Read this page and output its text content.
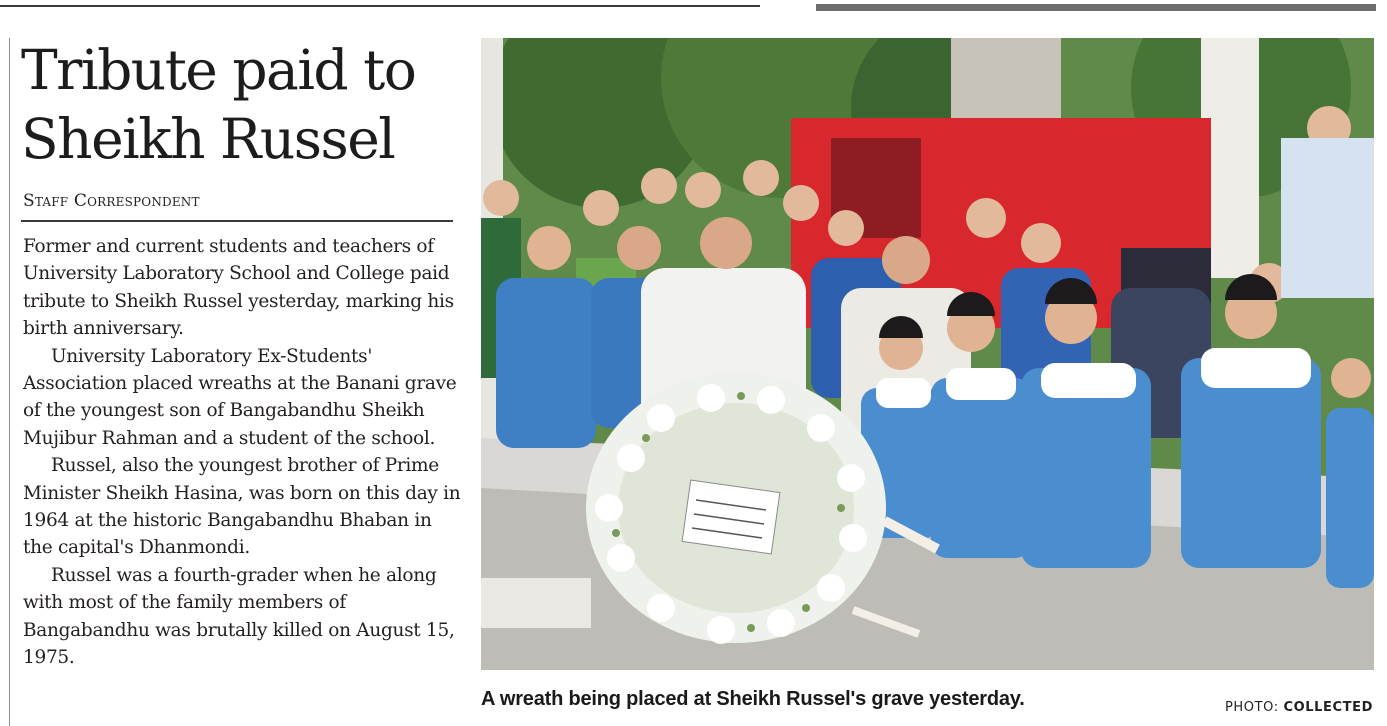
Tribute paid to
Sheikh Russel
Staff Correspondent

Former and current students and teachers of University Laboratory School and College paid tribute to Sheikh Russel yesterday, marking his birth anniversary.

University Laboratory Ex-Students' Association placed wreaths at the Banani grave of the youngest son of Bangabandhu Sheikh Mujibur Rahman and a student of the school.

Russel, also the youngest brother of Prime Minister Sheikh Hasina, was born on this day in 1964 at the historic Bangabandhu Bhaban in the capital's Dhanmondi.

Russel was a fourth-grader when he along with most of the family members of Bangabandhu was brutally killed on August 15, 1975.

A wreath being placed at Sheikh Russel's grave yesterday.	PHOTO: COLLECTED
